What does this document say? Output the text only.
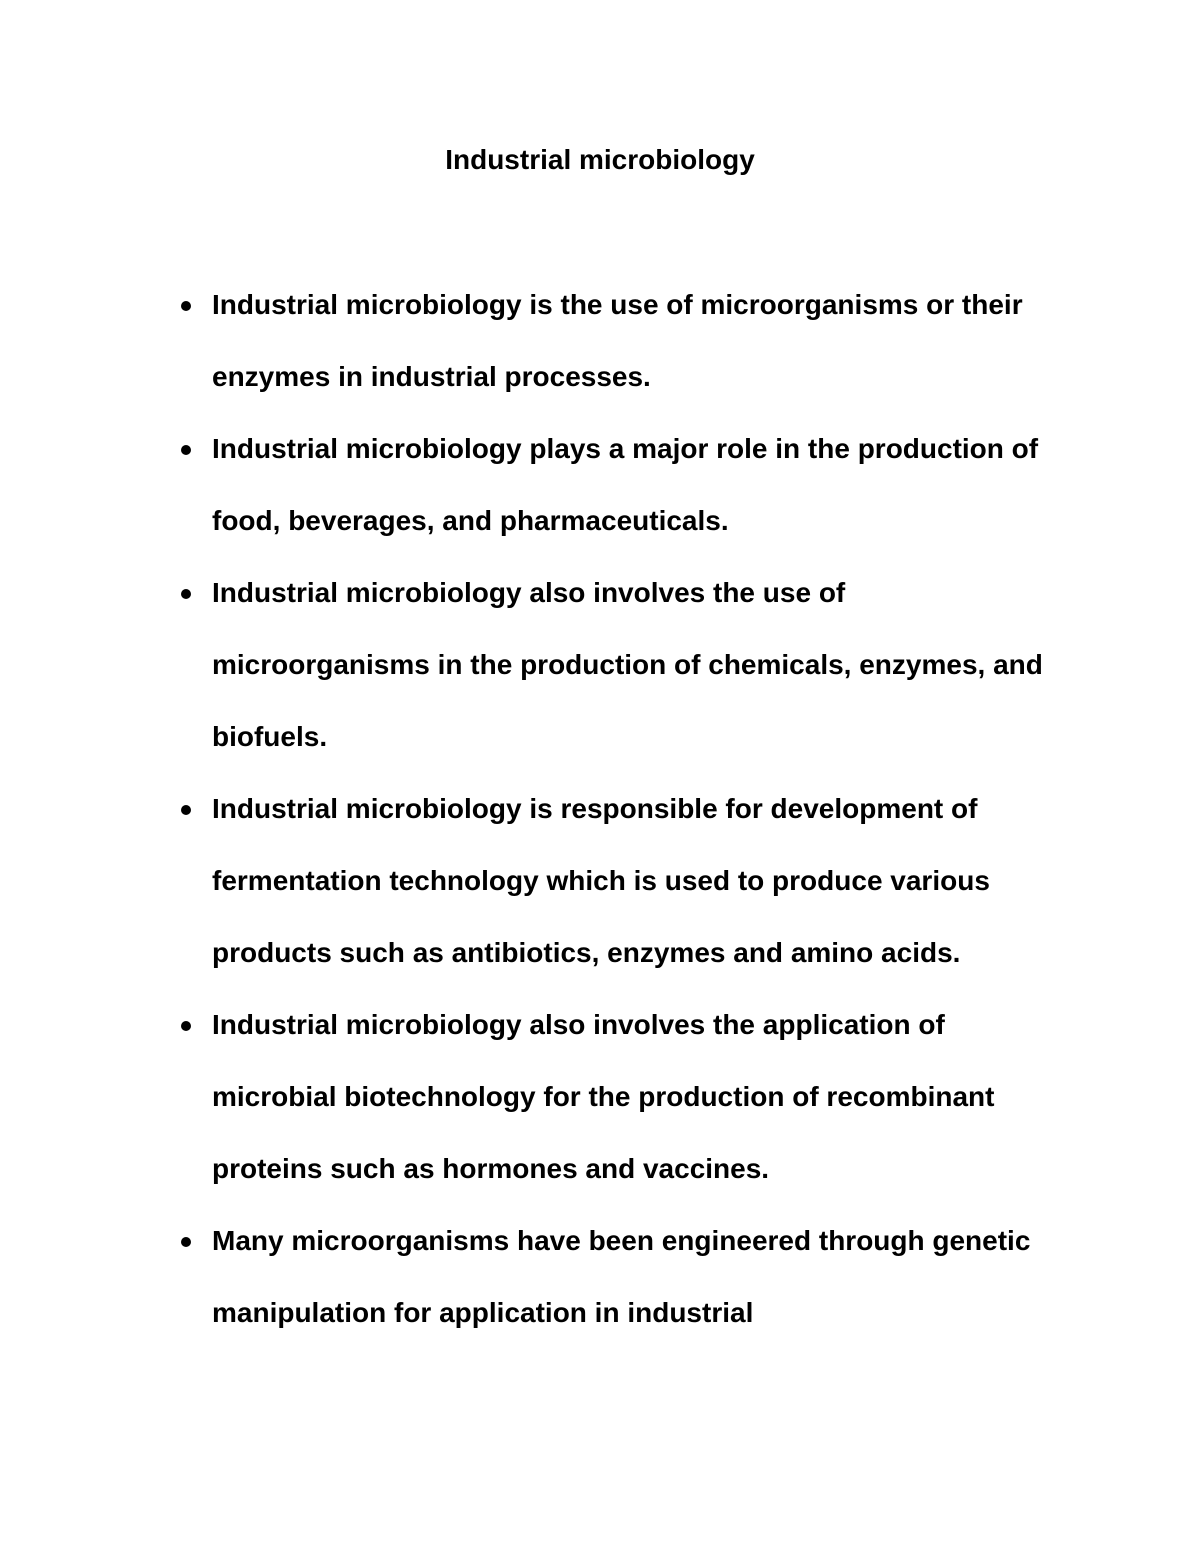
Industrial microbiology
Industrial microbiology is the use of microorganisms or their enzymes in industrial processes.
Industrial microbiology plays a major role in the production of food, beverages, and pharmaceuticals.
Industrial microbiology also involves the use of microorganisms in the production of chemicals, enzymes, and biofuels.
Industrial microbiology is responsible for development of fermentation technology which is used to produce various products such as antibiotics, enzymes and amino acids.
Industrial microbiology also involves the application of microbial biotechnology for the production of recombinant proteins such as hormones and vaccines.
Many microorganisms have been engineered through genetic manipulation for application in industrial
